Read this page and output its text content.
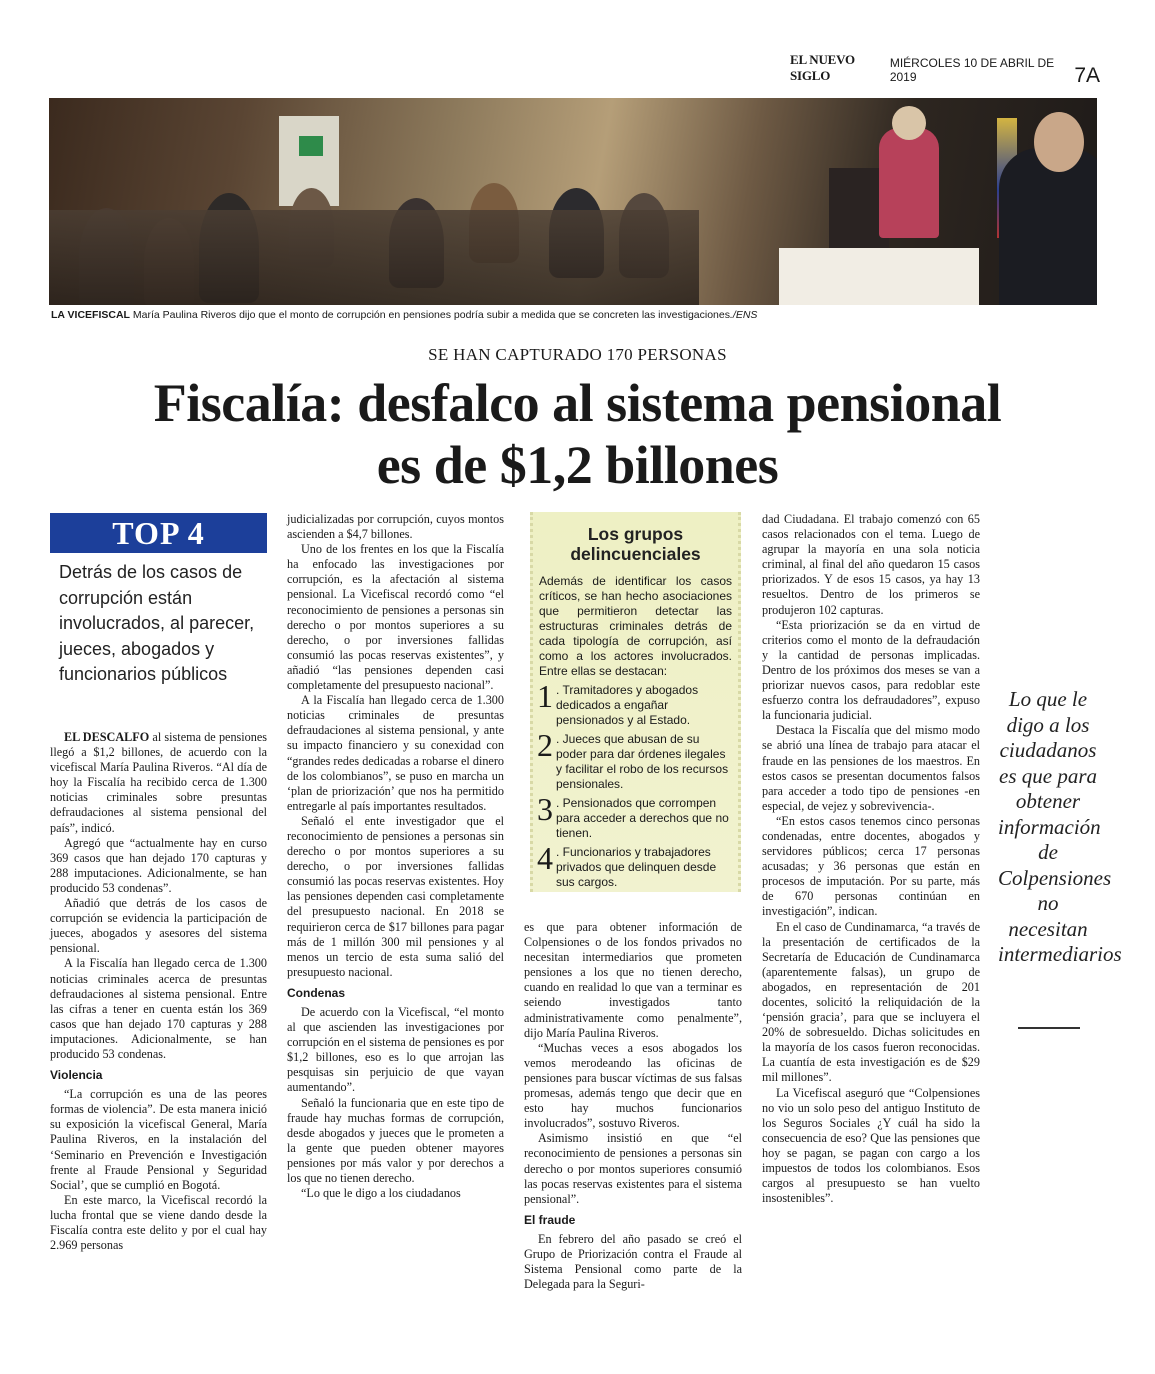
EL NUEVO SIGLO
MIÉRCOLES 10 DE ABRIL DE 2019	7A
LA VICEFISCAL María Paulina Riveros dijo que el monto de corrupción en pensiones podría subir a medida que se concreten las investigaciones./ENS
SE HAN CAPTURADO 170 PERSONAS
Fiscalía: desfalco al sistema pensional
es de $1,2 billones
TOP 4
Detrás de los casos de corrupción están involucrados, al parecer, jueces, abogados y funcionarios públicos

EL DESCALFO al sistema de pensiones llegó a $1,2 billones, de acuerdo con la vicefiscal María Paulina Riveros. “Al día de hoy la Fiscalía ha recibido cerca de 1.300 noticias criminales sobre presuntas defraudaciones al sistema pensional del país”, indicó.

Agregó que “actualmente hay en curso 369 casos que han dejado 170 capturas y 288 imputaciones. Adicionalmente, se han producido 53 condenas”.

Añadió que detrás de los casos de corrupción se evidencia la participación de jueces, abogados y asesores del sistema pensional.

A la Fiscalía han llegado cerca de 1.300 noticias criminales acerca de presuntas defraudaciones al sistema pensional. Entre las cifras a tener en cuenta están los 369 casos que han dejado 170 capturas y 288 imputaciones. Adicionalmente, se han producido 53 condenas.

Violencia

“La corrupción es una de las peores formas de violencia”. De esta manera inició su exposición la vicefiscal General, María Paulina Riveros, en la instalación del ‘Seminario en Prevención e Investigación frente al Fraude Pensional y Seguridad Social’, que se cumplió en Bogotá.

En este marco, la Vicefiscal recordó la lucha frontal que se viene dando desde la Fiscalía contra este delito y por el cual hay 2.969 personas

judicializadas por corrupción, cuyos montos ascienden a $4,7 billones.

Uno de los frentes en los que la Fiscalía ha enfocado las investigaciones por corrupción, es la afectación al sistema pensional. La Vicefiscal recordó como “el reconocimiento de pensiones a personas sin derecho o por montos superiores a su derecho, o por inversiones fallidas consumió las pocas reservas existentes”, y añadió “las pensiones dependen casi completamente del presupuesto nacional”.

A la Fiscalía han llegado cerca de 1.300 noticias criminales de presuntas defraudaciones al sistema pensional, y ante su impacto financiero y su conexidad con “grandes redes dedicadas a robarse el dinero de los colombianos”, se puso en marcha un ‘plan de priorización’ que nos ha permitido entregarle al país importantes resultados.

Señaló el ente investigador que el reconocimiento de pensiones a personas sin derecho o por montos superiores a su derecho, o por inversiones fallidas consumió las pocas reservas existentes. Hoy las pensiones dependen casi completamente del presupuesto nacional. En 2018 se requirieron cerca de $17 billones para pagar más de 1 millón 300 mil pensiones y al menos un tercio de esta suma salió del presupuesto nacional.

Condenas

De acuerdo con la Vicefiscal, “el monto al que ascienden las investigaciones por corrupción en el sistema de pensiones es por $1,2 billones, eso es lo que arrojan las pesquisas sin perjuicio de que vayan aumentando”.

Señaló la funcionaria que en este tipo de fraude hay muchas formas de corrupción, desde abogados y jueces que le prometen a la gente que pueden obtener mayores pensiones por más valor y por derechos a los que no tienen derecho.

“Lo que le digo a los ciudadanos

Los grupos delincuenciales
Además de identificar los casos críticos, se han hecho asociaciones que permitieron detectar las estructuras criminales detrás de cada tipología de corrupción, así como a los actores involucrados. Entre ellas se destacan:
1 . Tramitadores y abogados dedicados a engañar pensionados y al Estado.
2 . Jueces que abusan de su poder para dar órdenes ilegales y facilitar el robo de los recursos pensionales.
3 . Pensionados que corrompen para acceder a derechos que no tienen.
4 . Funcionarios y trabajadores privados que delinquen desde sus cargos.

es que para obtener información de Colpensiones o de los fondos privados no necesitan intermediarios que prometen pensiones a los que no tienen derecho, cuando en realidad lo que van a terminar es seiendo investigados tanto administrativamente como penalmente”, dijo María Paulina Riveros.

“Muchas veces a esos abogados los vemos merodeando las oficinas de pensiones para buscar víctimas de sus falsas promesas, además tengo que decir que en esto hay muchos funcionarios involucrados”, sostuvo Riveros.

Asimismo insistió en que “el reconocimiento de pensiones a personas sin derecho o por montos superiores consumió las pocas reservas existentes para el sistema pensional”.

El fraude

En febrero del año pasado se creó el Grupo de Priorización contra el Fraude al Sistema Pensional como parte de la Delegada para la Seguri-

dad Ciudadana. El trabajo comenzó con 65 casos relacionados con el tema. Luego de agrupar la mayoría en una sola noticia criminal, al final del año quedaron 15 casos priorizados. Y de esos 15 casos, ya hay 13 resueltos. Dentro de los primeros se produjeron 102 capturas.

“Esta priorización se da en virtud de criterios como el monto de la defraudación y la cantidad de personas implicadas. Dentro de los próximos dos meses se van a priorizar nuevos casos, para redoblar este esfuerzo contra los defraudadores”, expuso la funcionaria judicial.

Destaca la Fiscalía que del mismo modo se abrió una línea de trabajo para atacar el fraude en las pensiones de los maestros. En estos casos se presentan documentos falsos para acceder a todo tipo de pensiones -en especial, de vejez y sobrevivencia-.

“En estos casos tenemos cinco personas condenadas, entre docentes, abogados y servidores públicos; cerca 17 personas acusadas; y 36 personas que están en procesos de imputación. Por su parte, más de 670 personas continúan en investigación”, indican.

En el caso de Cundinamarca, “a través de la presentación de certificados de la Secretaría de Educación de Cundinamarca (aparentemente falsas), un grupo de abogados, en representación de 201 docentes, solicitó la reliquidación de la ‘pensión gracia’, para que se incluyera el 20% de sobresueldo. Dichas solicitudes en la mayoría de los casos fueron reconocidas. La cuantía de esta investigación es de $29 mil millones”.

La Vicefiscal aseguró que “Colpensiones no vio un solo peso del antiguo Instituto de los Seguros Sociales ¿Y cuál ha sido la consecuencia de eso? Que las pensiones que hoy se pagan, se pagan con cargo a los impuestos de todos los colombianos. Esos cargos al presupuesto se han vuelto insostenibles”.

Lo que le digo a los ciudadanos es que para obtener información de Colpensiones no necesitan intermediarios
